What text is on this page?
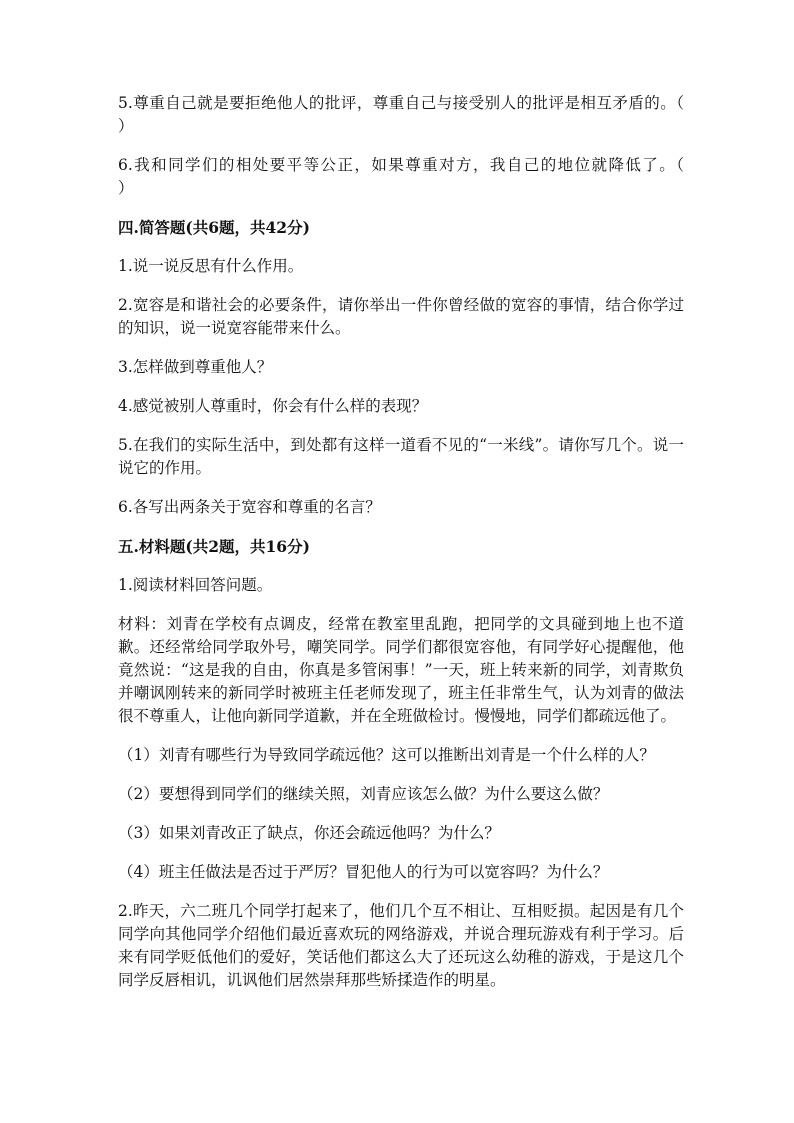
5.尊重自己就是要拒绝他人的批评，尊重自己与接受别人的批评是相互矛盾的。（　　　）

6.我和同学们的相处要平等公正，如果尊重对方，我自己的地位就降低了。（　　　）

四.简答题(共6题，共42分)

1.说一说反思有什么作用。

2.宽容是和谐社会的必要条件，请你举出一件你曾经做的宽容的事情，结合你学过的知识，说一说宽容能带来什么。

3.怎样做到尊重他人？

4.感觉被别人尊重时，你会有什么样的表现？

5.在我们的实际生活中，到处都有这样一道看不见的“一米线”。请你写几个。说一说它的作用。

6.各写出两条关于宽容和尊重的名言？

五.材料题(共2题，共16分)

1.阅读材料回答问题。

材料：刘青在学校有点调皮，经常在教室里乱跑，把同学的文具碰到地上也不道歉。还经常给同学取外号，嘲笑同学。同学们都很宽容他，有同学好心提醒他，他竟然说：“这是我的自由，你真是多管闲事！”一天，班上转来新的同学，刘青欺负并嘲讽刚转来的新同学时被班主任老师发现了，班主任非常生气，认为刘青的做法很不尊重人，让他向新同学道歉，并在全班做检讨。慢慢地，同学们都疏远他了。

（1）刘青有哪些行为导致同学疏远他？这可以推断出刘青是一个什么样的人？

（2）要想得到同学们的继续关照，刘青应该怎么做？为什么要这么做？

（3）如果刘青改正了缺点，你还会疏远他吗？为什么？

（4）班主任做法是否过于严厉？冒犯他人的行为可以宽容吗？为什么？

2.昨天，六二班几个同学打起来了，他们几个互不相让、互相贬损。起因是有几个同学向其他同学介绍他们最近喜欢玩的网络游戏，并说合理玩游戏有利于学习。后来有同学贬低他们的爱好，笑话他们都这么大了还玩这么幼稚的游戏，于是这几个同学反唇相讥，讥讽他们居然崇拜那些矫揉造作的明星。
